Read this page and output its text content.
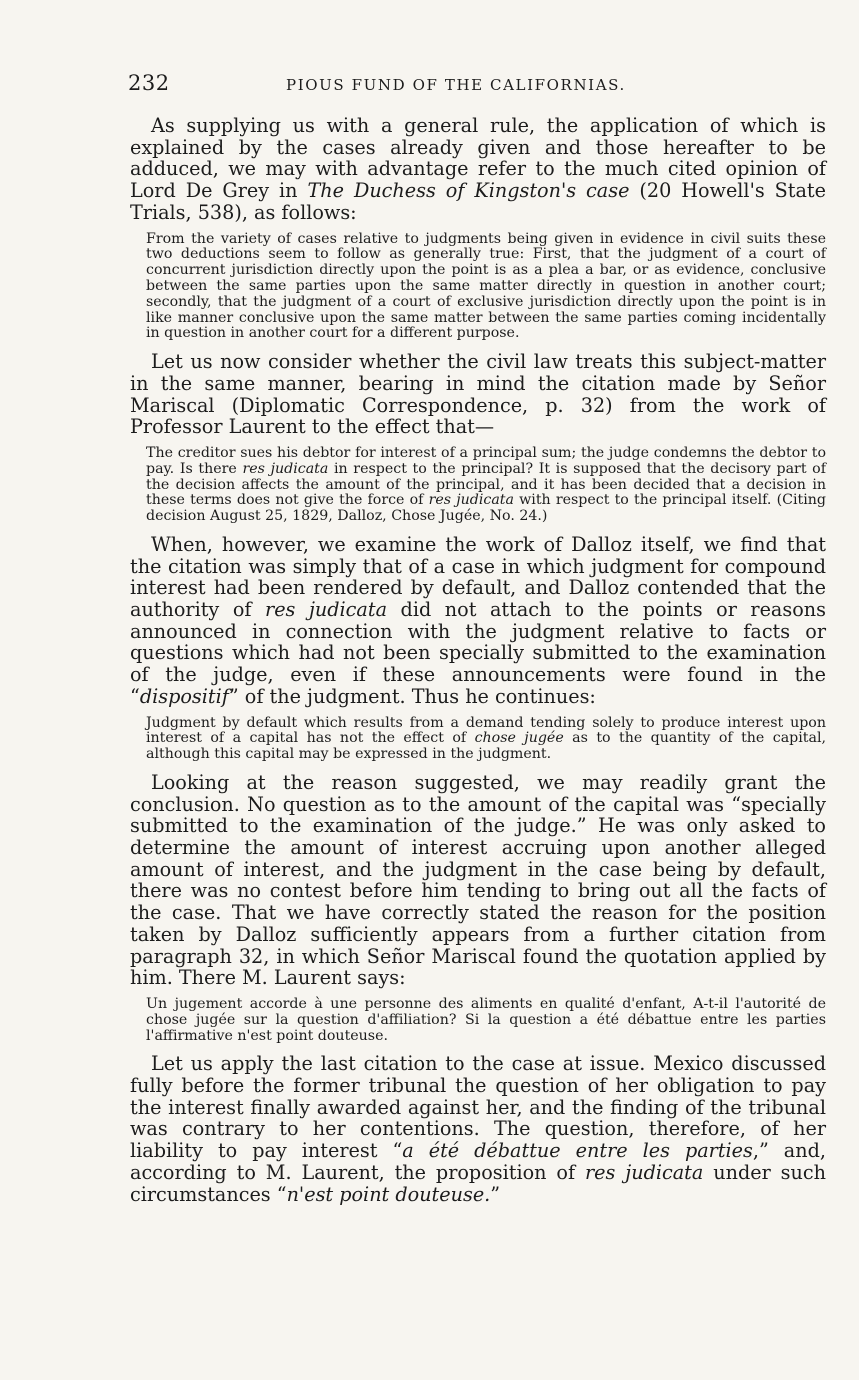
232	PIOUS FUND OF THE CALIFORNIAS.

As supplying us with a general rule, the application of which is explained by the cases already given and those hereafter to be adduced, we may with advantage refer to the much cited opinion of Lord De Grey in The Duchess of Kingston's case (20 Howell's State Trials, 538), as follows:

From the variety of cases relative to judgments being given in evidence in civil suits these two deductions seem to follow as generally true: First, that the judgment of a court of concurrent jurisdiction directly upon the point is as a plea a bar, or as evidence, conclusive between the same parties upon the same matter directly in question in another court; secondly, that the judgment of a court of exclusive jurisdiction directly upon the point is in like manner conclusive upon the same matter between the same parties coming incidentally in question in another court for a different purpose.

Let us now consider whether the civil law treats this subject-matter in the same manner, bearing in mind the citation made by Señor Mariscal (Diplomatic Correspondence, p. 32) from the work of Professor Laurent to the effect that—

The creditor sues his debtor for interest of a principal sum; the judge condemns the debtor to pay. Is there res judicata in respect to the principal? It is supposed that the decisory part of the decision affects the amount of the principal, and it has been decided that a decision in these terms does not give the force of res judicata with respect to the principal itself. (Citing decision August 25, 1829, Dalloz, Chose Jugée, No. 24.)

When, however, we examine the work of Dalloz itself, we find that the citation was simply that of a case in which judgment for compound interest had been rendered by default, and Dalloz contended that the authority of res judicata did not attach to the points or reasons announced in connection with the judgment relative to facts or questions which had not been specially submitted to the examination of the judge, even if these announcements were found in the “dispositif” of the judgment. Thus he continues:

Judgment by default which results from a demand tending solely to produce interest upon interest of a capital has not the effect of chose jugée as to the quantity of the capital, although this capital may be expressed in the judgment.

Looking at the reason suggested, we may readily grant the conclusion. No question as to the amount of the capital was “specially submitted to the examination of the judge.” He was only asked to determine the amount of interest accruing upon another alleged amount of interest, and the judgment in the case being by default, there was no contest before him tending to bring out all the facts of the case. That we have correctly stated the reason for the position taken by Dalloz sufficiently appears from a further citation from paragraph 32, in which Señor Mariscal found the quotation applied by him. There M. Laurent says:

Un jugement accorde à une personne des aliments en qualité d'enfant, A-t-il l'autorité de chose jugée sur la question d'affiliation? Si la question a été débattue entre les parties l'affirmative n'est point douteuse.

Let us apply the last citation to the case at issue. Mexico discussed fully before the former tribunal the question of her obligation to pay the interest finally awarded against her, and the finding of the tribunal was contrary to her contentions. The question, therefore, of her liability to pay interest “a été débattue entre les parties,” and, according to M. Laurent, the proposition of res judicata under such circumstances “n'est point douteuse.”
